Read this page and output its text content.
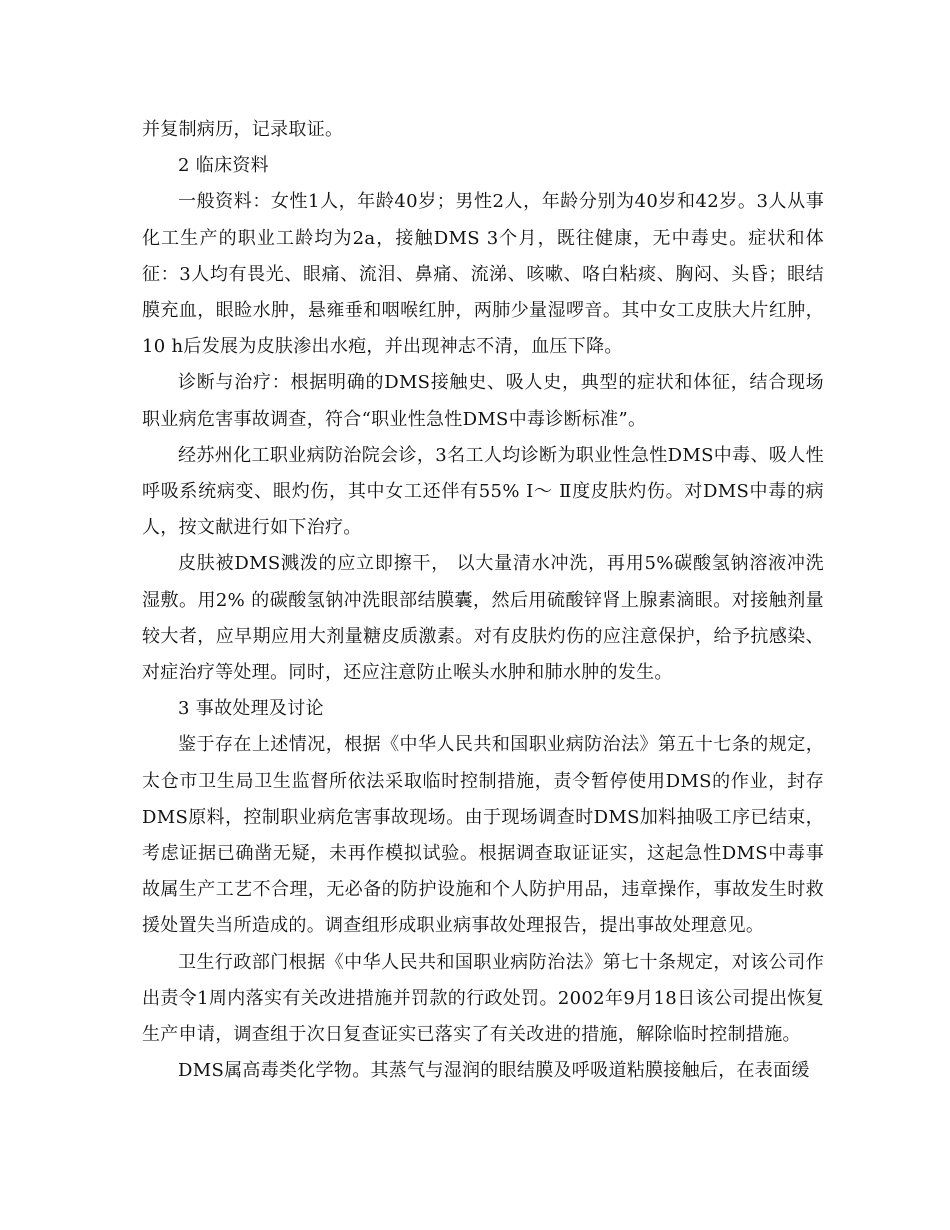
并复制病历，记录取证。

2 临床资料

一般资料：女性1人，年龄40岁；男性2人，年龄分别为40岁和42岁。3人从事化工生产的职业工龄均为2a，接触DMS 3个月，既往健康，无中毒史。症状和体征：3人均有畏光、眼痛、流泪、鼻痛、流涕、咳嗽、咯白粘痰、胸闷、头昏；眼结膜充血，眼睑水肿，悬雍垂和咽喉红肿，两肺少量湿啰音。其中女工皮肤大片红肿，10 h后发展为皮肤渗出水疱，并出现神志不清，血压下降。

诊断与治疗：根据明确的DMS接触史、吸人史，典型的症状和体征，结合现场职业病危害事故调查，符合“职业性急性DMS中毒诊断标准”。

经苏州化工职业病防治院会诊，3名工人均诊断为职业性急性DMS中毒、吸人性呼吸系统病变、眼灼伤，其中女工还伴有55% Ⅰ～ Ⅱ度皮肤灼伤。对DMS中毒的病人，按文献进行如下治疗。

皮肤被DMS溅泼的应立即擦干， 以大量清水冲洗，再用5%碳酸氢钠溶液冲洗湿敷。用2% 的碳酸氢钠冲洗眼部结膜囊，然后用硫酸锌肾上腺素滴眼。对接触剂量较大者，应早期应用大剂量糖皮质激素。对有皮肤灼伤的应注意保护，给予抗感染、对症治疗等处理。同时，还应注意防止喉头水肿和肺水肿的发生。

3 事故处理及讨论

鉴于存在上述情况，根据《中华人民共和国职业病防治法》第五十七条的规定，太仓市卫生局卫生监督所依法采取临时控制措施，责令暂停使用DMS的作业，封存DMS原料，控制职业病危害事故现场。由于现场调查时DMS加料抽吸工序已结束，考虑证据已确凿无疑，未再作模拟试验。根据调查取证证实，这起急性DMS中毒事故属生产工艺不合理，无必备的防护设施和个人防护用品，违章操作，事故发生时救援处置失当所造成的。调查组形成职业病事故处理报告，提出事故处理意见。

卫生行政部门根据《中华人民共和国职业病防治法》第七十条规定，对该公司作出责令1周内落实有关改进措施并罚款的行政处罚。2002年9月18日该公司提出恢复生产申请，调查组于次日复查证实已落实了有关改进的措施，解除临时控制措施。

DMS属高毒类化学物。其蒸气与湿润的眼结膜及呼吸道粘膜接触后，在表面缓
